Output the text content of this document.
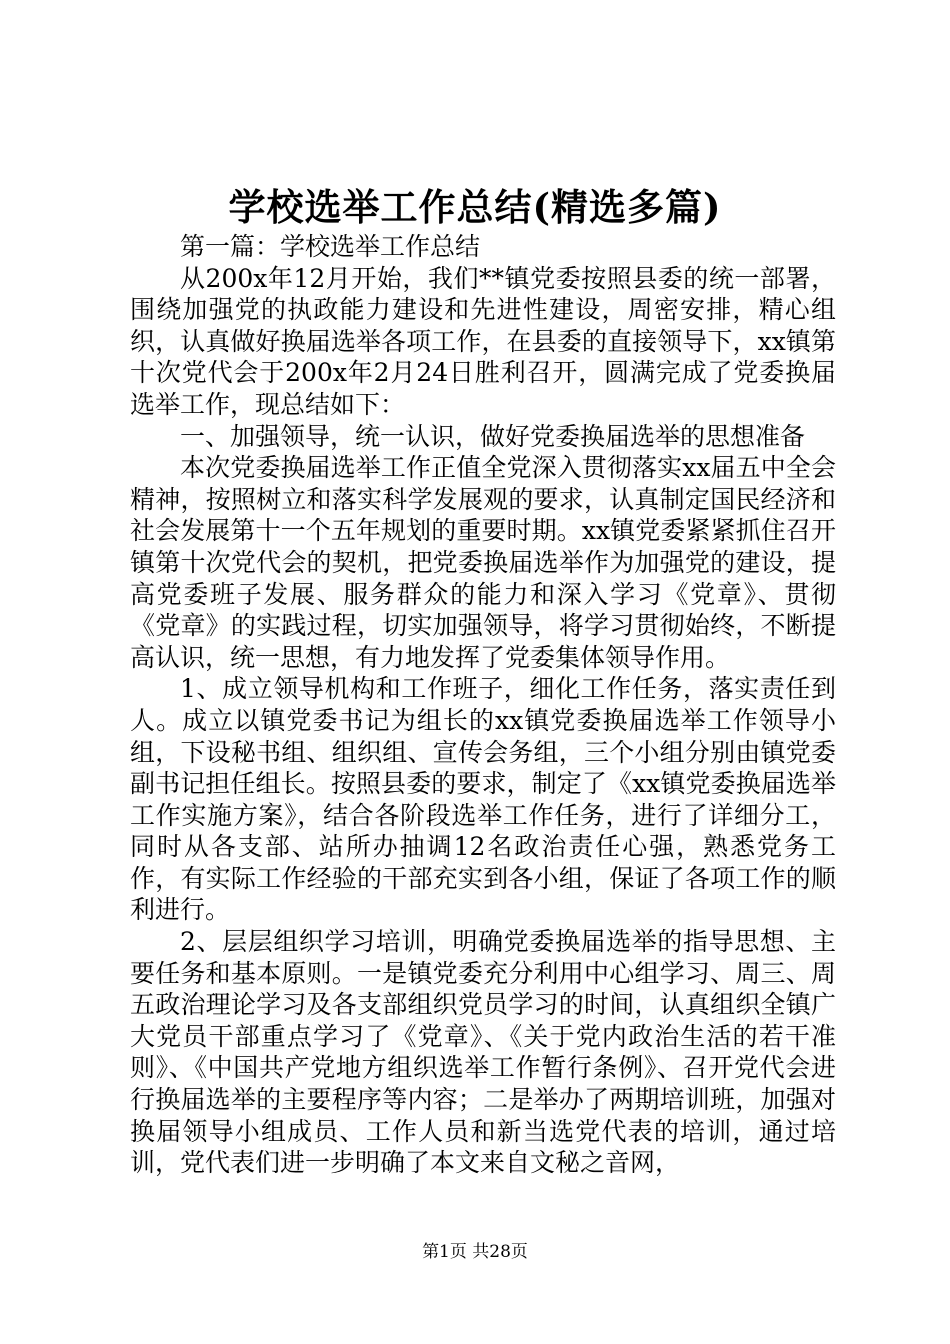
学校选举工作总结(精选多篇)

第一篇：学校选举工作总结

从200x年12月开始，我们**镇党委按照县委的统一部署，围绕加强党的执政能力建设和先进性建设，周密安排，精心组织，认真做好换届选举各项工作，在县委的直接领导下，xx镇第十次党代会于200x年2月24日胜利召开，圆满完成了党委换届选举工作，现总结如下：

一、加强领导，统一认识，做好党委换届选举的思想准备

本次党委换届选举工作正值全党深入贯彻落实xx届五中全会精神，按照树立和落实科学发展观的要求，认真制定国民经济和社会发展第十一个五年规划的重要时期。xx镇党委紧紧抓住召开镇第十次党代会的契机，把党委换届选举作为加强党的建设，提高党委班子发展、服务群众的能力和深入学习《党章》、贯彻《党章》的实践过程，切实加强领导，将学习贯彻始终，不断提高认识，统一思想，有力地发挥了党委集体领导作用。

1、成立领导机构和工作班子，细化工作任务，落实责任到人。成立以镇党委书记为组长的xx镇党委换届选举工作领导小组，下设秘书组、组织组、宣传会务组，三个小组分别由镇党委副书记担任组长。按照县委的要求，制定了《xx镇党委换届选举工作实施方案》，结合各阶段选举工作任务，进行了详细分工，同时从各支部、站所办抽调12名政治责任心强，熟悉党务工作，有实际工作经验的干部充实到各小组，保证了各项工作的顺利进行。

2、层层组织学习培训，明确党委换届选举的指导思想、主要任务和基本原则。一是镇党委充分利用中心组学习、周三、周五政治理论学习及各支部组织党员学习的时间，认真组织全镇广大党员干部重点学习了《党章》、《关于党内政治生活的若干准则》、《中国共产党地方组织选举工作暂行条例》、召开党代会进行换届选举的主要程序等内容；二是举办了两期培训班，加强对换届领导小组成员、工作人员和新当选党代表的培训，通过培训，党代表们进一步明确了本文来自文秘之音网，

第1页 共28页
